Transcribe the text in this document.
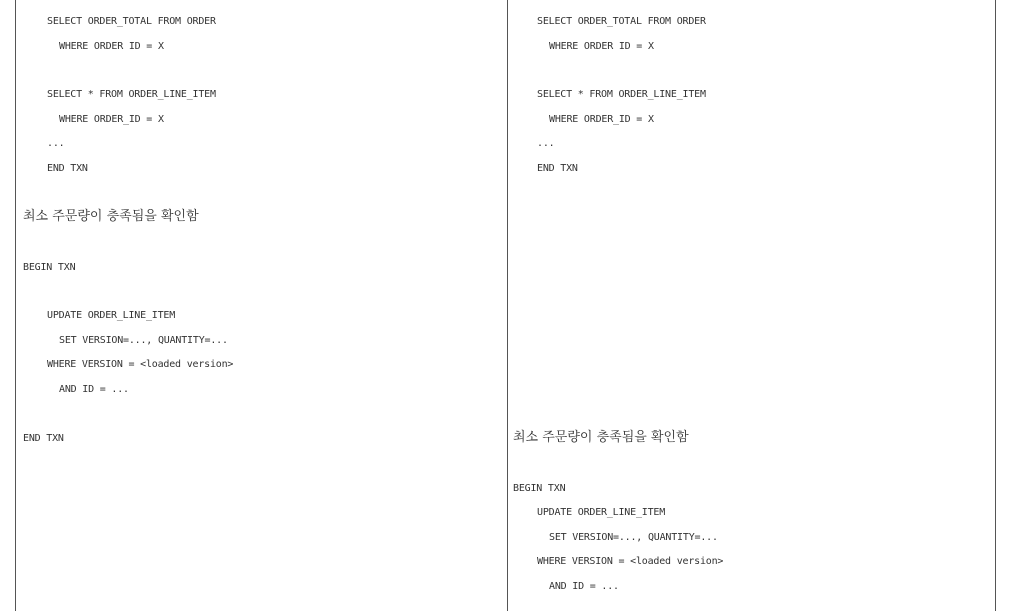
SELECT ORDER_TOTAL FROM ORDER
WHERE ORDER ID = X
SELECT * FROM ORDER_LINE_ITEM
WHERE ORDER_ID = X
...
END TXN
최소 주문량이 충족됨을 확인함
BEGIN TXN
UPDATE ORDER_LINE_ITEM
SET VERSION=..., QUANTITY=...
WHERE VERSION = <loaded version>
AND ID = ...
END TXN
SELECT ORDER_TOTAL FROM ORDER
WHERE ORDER ID = X
SELECT * FROM ORDER_LINE_ITEM
WHERE ORDER_ID = X
...
END TXN
최소 주문량이 충족됨을 확인함
BEGIN TXN
UPDATE ORDER_LINE_ITEM
SET VERSION=..., QUANTITY=...
WHERE VERSION = <loaded version>
AND ID = ...
